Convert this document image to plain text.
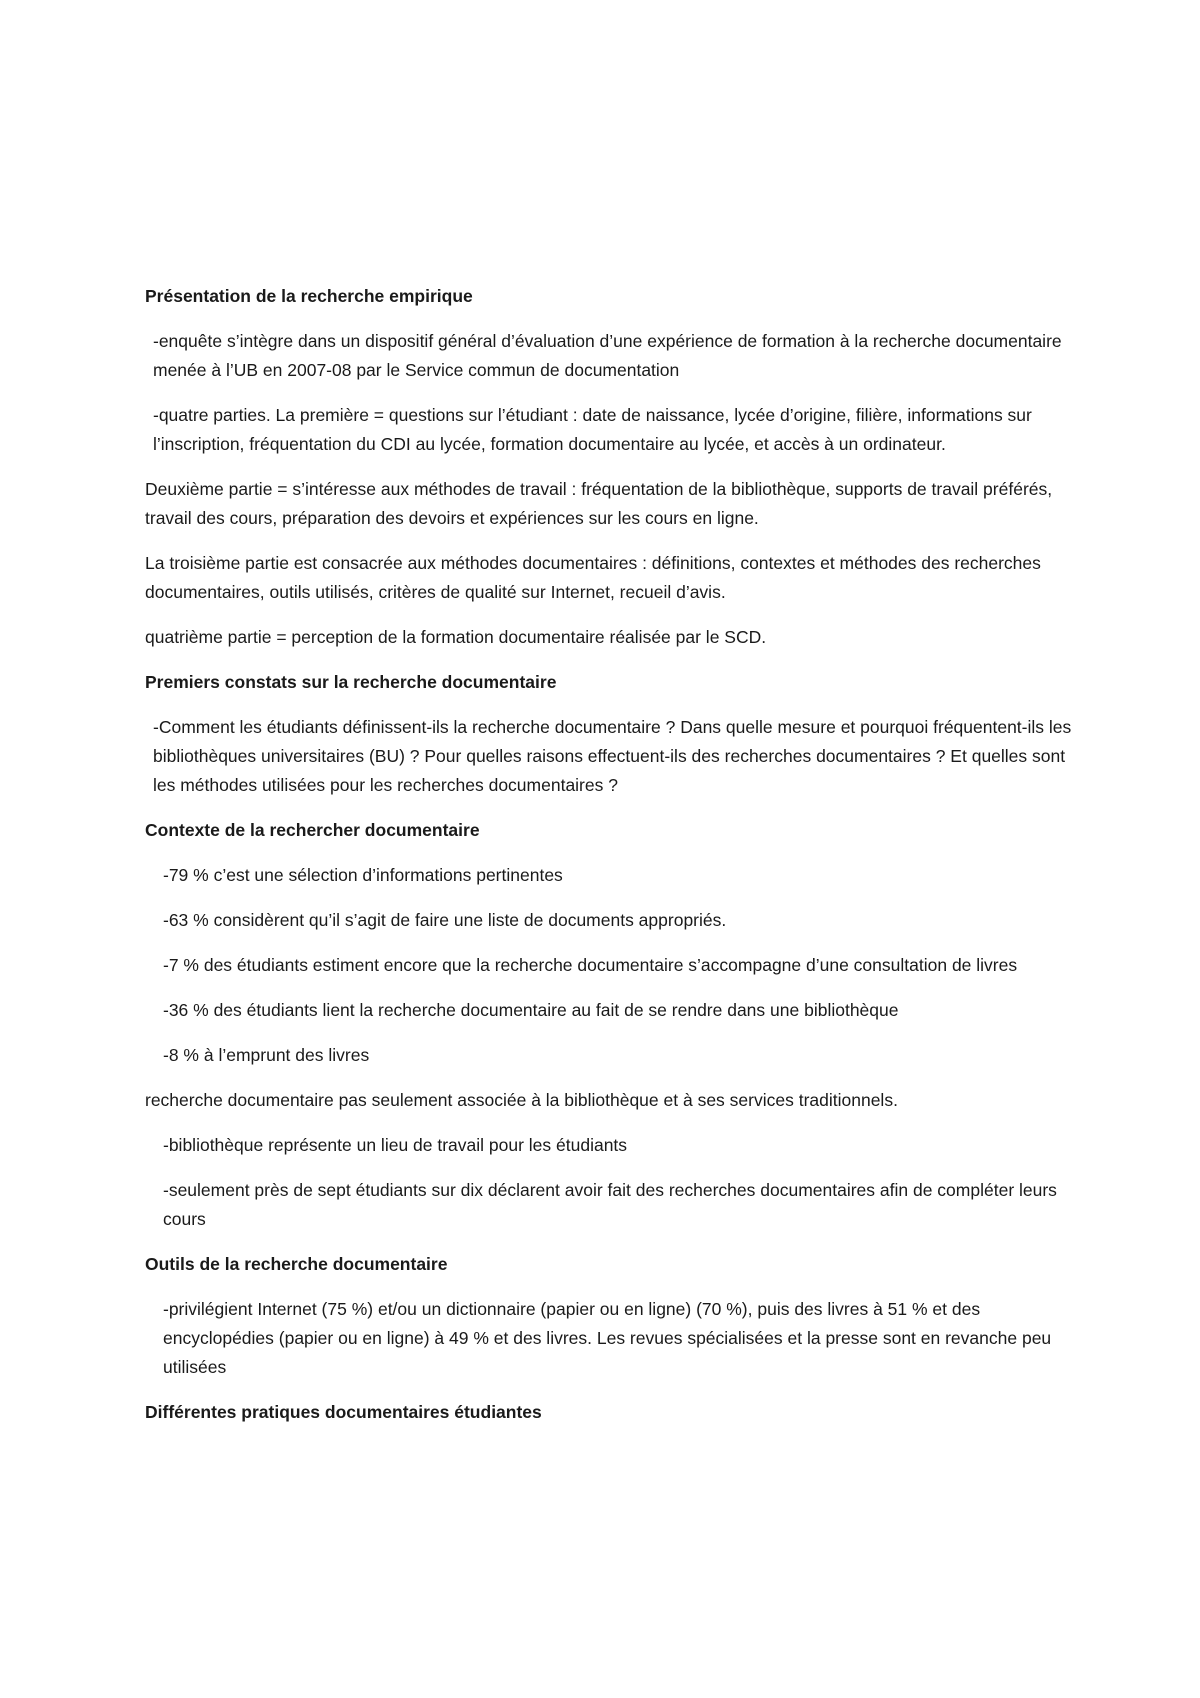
Présentation de la recherche empirique

-enquête s’intègre dans un dispositif général d’évaluation d’une expérience de formation à la recherche documentaire menée à l’UB en 2007-08 par le Service commun de documentation

-quatre parties. La première = questions sur l’étudiant : date de naissance, lycée d’origine, filière, informations sur l’inscription, fréquentation du CDI au lycée, formation documentaire au lycée, et accès à un ordinateur.

Deuxième partie = s’intéresse aux méthodes de travail : fréquentation de la bibliothèque, supports de travail préférés, travail des cours, préparation des devoirs et expériences sur les cours en ligne.

La troisième partie est consacrée aux méthodes documentaires : définitions, contextes et méthodes des recherches documentaires, outils utilisés, critères de qualité sur Internet, recueil d’avis.

quatrième partie = perception de la formation documentaire réalisée par le SCD.

Premiers constats sur la recherche documentaire

-Comment les étudiants définissent-ils la recherche documentaire ? Dans quelle mesure et pourquoi fréquentent-ils les bibliothèques universitaires (BU) ? Pour quelles raisons effectuent-ils des recherches documentaires ? Et quelles sont les méthodes utilisées pour les recherches documentaires ?

Contexte de la rechercher documentaire

-79 % c’est une sélection d’informations pertinentes

-63 % considèrent qu’il s’agit de faire une liste de documents appropriés.

-7 % des étudiants estiment encore que la recherche documentaire s’accompagne d’une consultation de livres

-36 % des étudiants lient la recherche documentaire au fait de se rendre dans une bibliothèque

-8 % à l’emprunt des livres

recherche documentaire pas seulement associée à la bibliothèque et à ses services traditionnels.

-bibliothèque représente un lieu de travail pour les étudiants

-seulement près de sept étudiants sur dix déclarent avoir fait des recherches documentaires afin de compléter leurs cours

Outils de la recherche documentaire

-privilégient Internet (75 %) et/ou un dictionnaire (papier ou en ligne) (70 %), puis des livres à 51 % et des encyclopédies (papier ou en ligne) à 49 % et des livres. Les revues spécialisées et la presse sont en revanche peu utilisées

Différentes pratiques documentaires étudiantes
